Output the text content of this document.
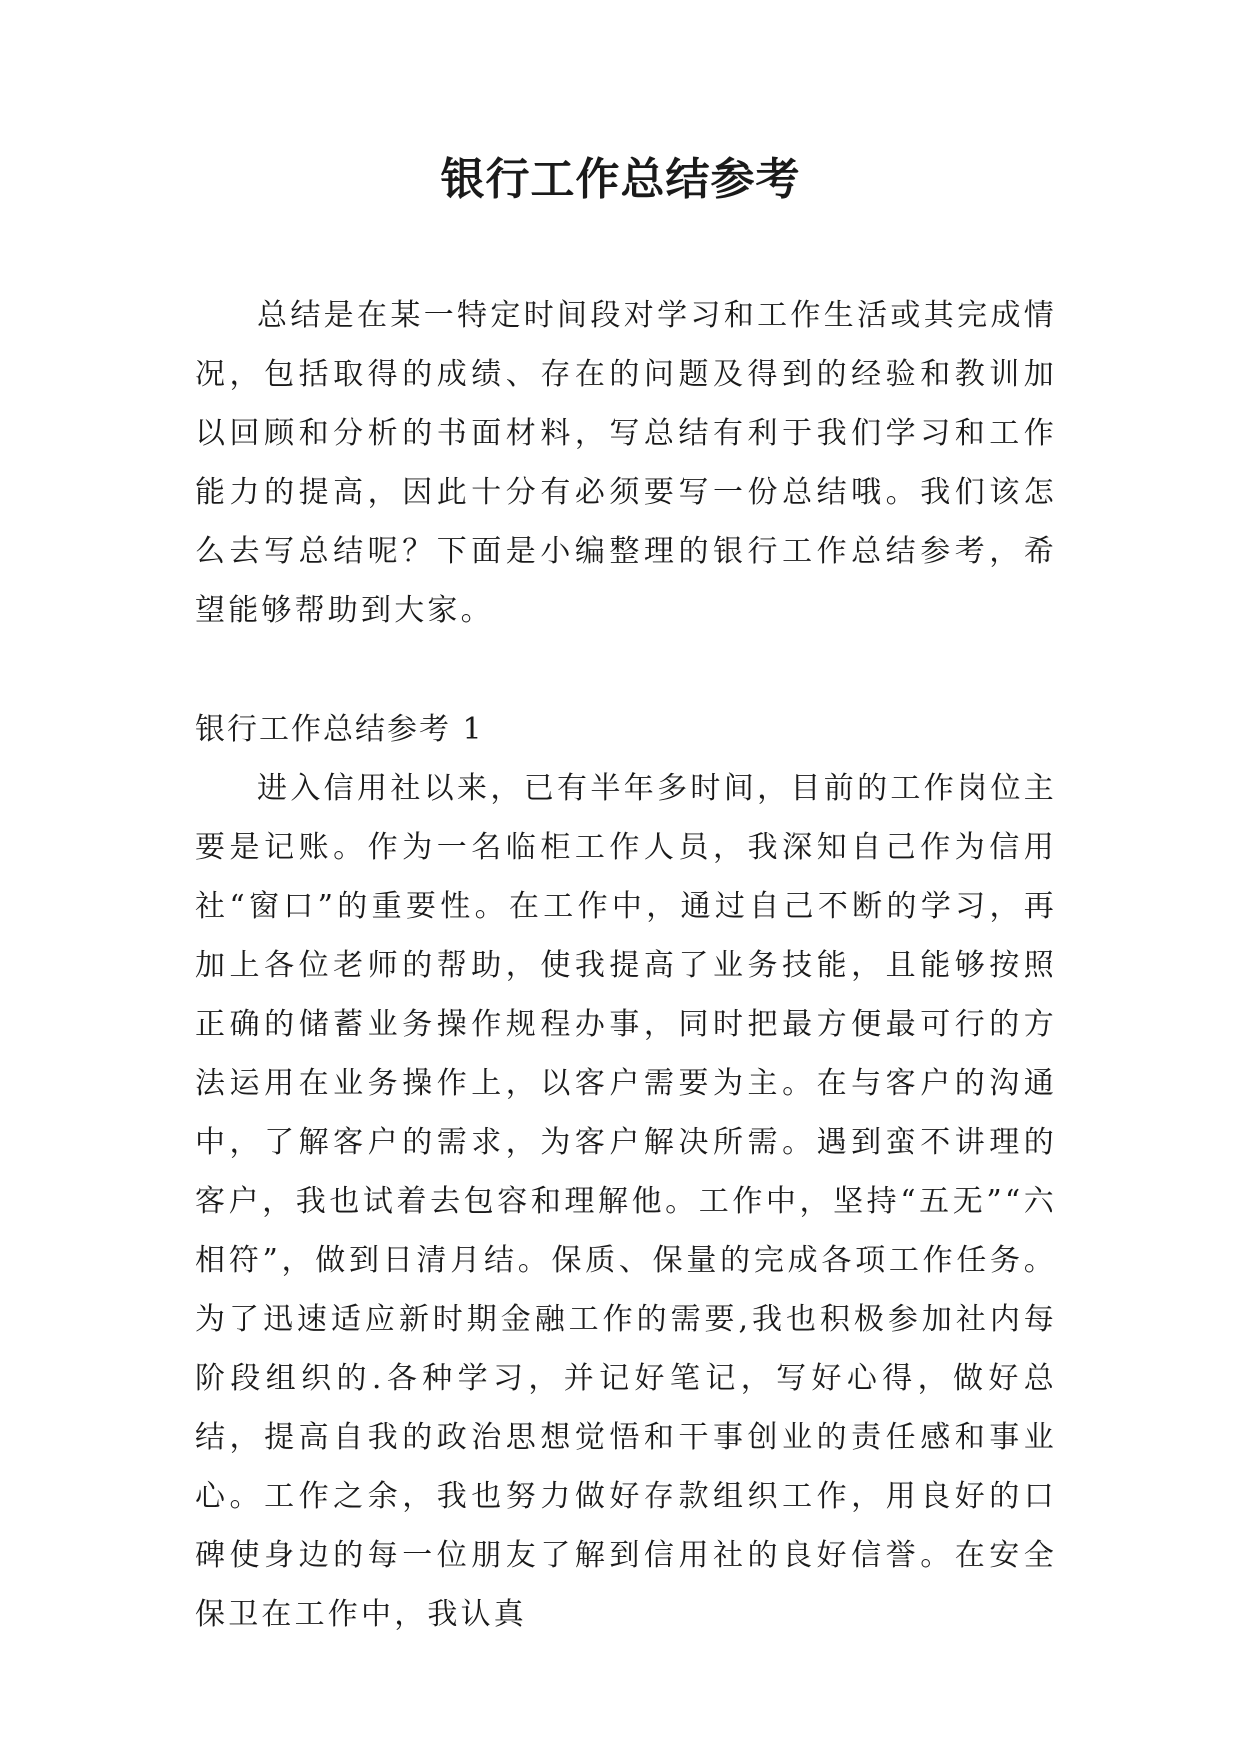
银行工作总结参考

总结是在某一特定时间段对学习和工作生活或其完成情况，包括取得的成绩、存在的问题及得到的经验和教训加以回顾和分析的书面材料，写总结有利于我们学习和工作能力的提高，因此十分有必须要写一份总结哦。我们该怎么去写总结呢？下面是小编整理的银行工作总结参考，希望能够帮助到大家。

银行工作总结参考 1

进入信用社以来，已有半年多时间，目前的工作岗位主要是记账。作为一名临柜工作人员，我深知自己作为信用社“窗口”的重要性。在工作中，通过自己不断的学习，再加上各位老师的帮助，使我提高了业务技能，且能够按照正确的储蓄业务操作规程办事，同时把最方便最可行的方法运用在业务操作上，以客户需要为主。在与客户的沟通中，了解客户的需求，为客户解决所需。遇到蛮不讲理的客户，我也试着去包容和理解他。工作中，坚持“五无”“六相符”，做到日清月结。保质、保量的完成各项工作任务。为了迅速适应新时期金融工作的需要,我也积极参加社内每阶段组织的.各种学习，并记好笔记，写好心得，做好总结，提高自我的政治思想觉悟和干事创业的责任感和事业心。工作之余，我也努力做好存款组织工作，用良好的口碑使身边的每一位朋友了解到信用社的良好信誉。在安全保卫在工作中，我认真
